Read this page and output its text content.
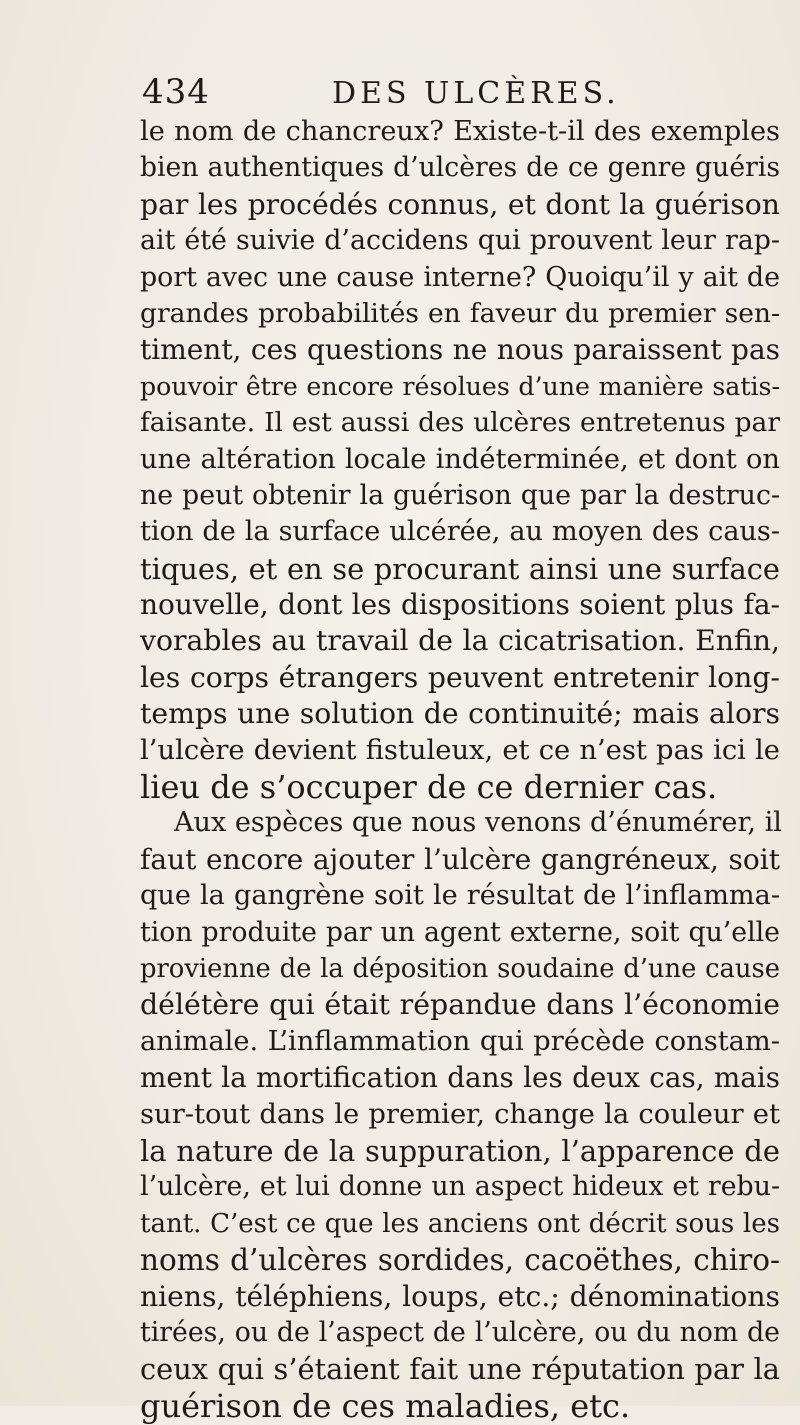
434	DES ULCÈRES.
le nom de chancreux? Existe-t-il des exemples
bien authentiques d’ulcères de ce genre guéris
par les procédés connus, et dont la guérison
ait été suivie d’accidens qui prouvent leur rap-
port avec une cause interne? Quoiqu’il y ait de
grandes probabilités en faveur du premier sen-
timent, ces questions ne nous paraissent pas
pouvoir être encore résolues d’une manière satis-
faisante. Il est aussi des ulcères entretenus par
une altération locale indéterminée, et dont on
ne peut obtenir la guérison que par la destruc-
tion de la surface ulcérée, au moyen des caus-
tiques, et en se procurant ainsi une surface
nouvelle, dont les dispositions soient plus fa-
vorables au travail de la cicatrisation. Enfin,
les corps étrangers peuvent entretenir long-
temps une solution de continuité; mais alors
l’ulcère devient fistuleux, et ce n’est pas ici le
lieu de s’occuper de ce dernier cas.
Aux espèces que nous venons d’énumérer, il
faut encore ajouter l’ulcère gangréneux, soit
que la gangrène soit le résultat de l’inflamma-
tion produite par un agent externe, soit qu’elle
provienne de la déposition soudaine d’une cause
délétère qui était répandue dans l’économie
animale. L’inflammation qui précède constam-
ment la mortification dans les deux cas, mais
sur-tout dans le premier, change la couleur et
la nature de la suppuration, l’apparence de
l’ulcère, et lui donne un aspect hideux et rebu-
tant. C’est ce que les anciens ont décrit sous les
noms d’ulcères sordides, cacoëthes, chiro-
niens, téléphiens, loups, etc.; dénominations
tirées, ou de l’aspect de l’ulcère, ou du nom de
ceux qui s’étaient fait une réputation par la
guérison de ces maladies, etc.
